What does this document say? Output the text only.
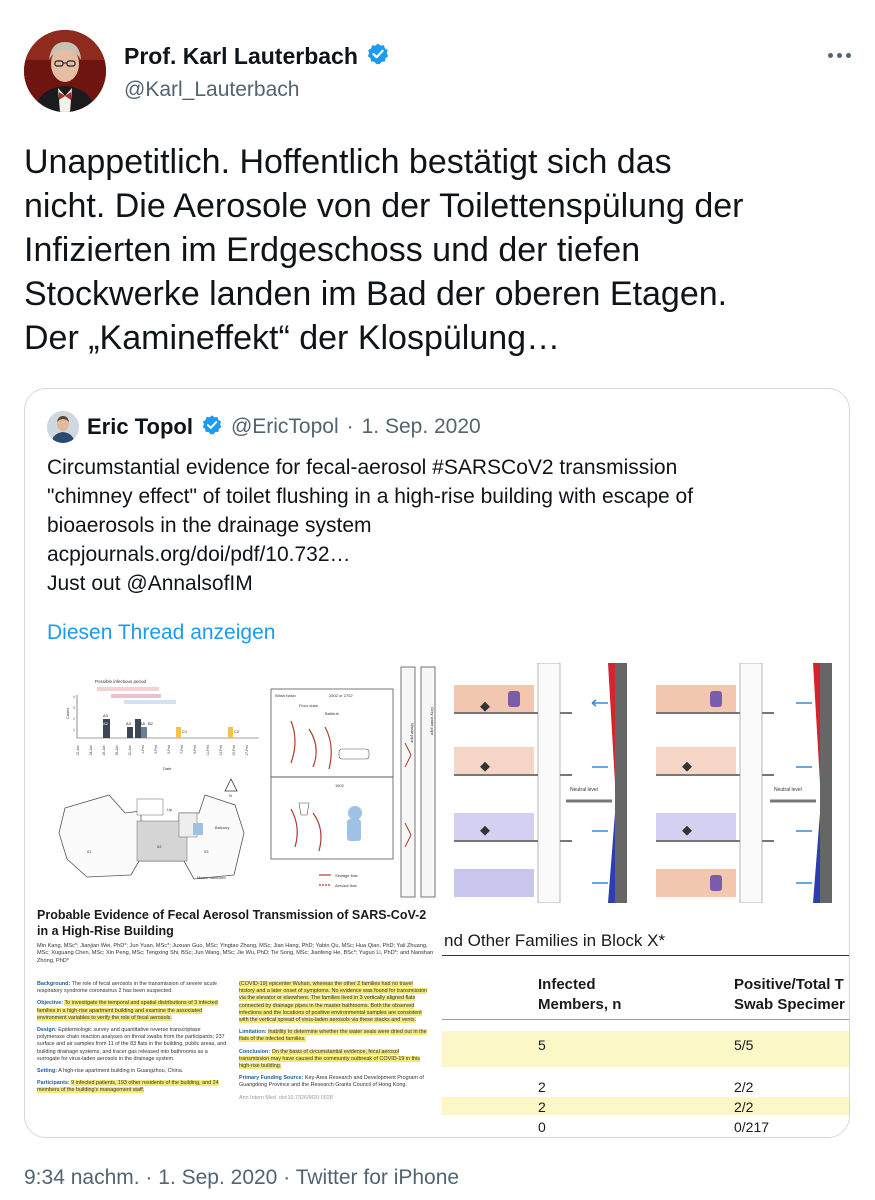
Prof. Karl Lauterbach
@Karl_Lauterbach
Unappetitlich. Hoffentlich bestätigt sich das
nicht. Die Aerosole von der Toilettenspülung der
Infizierten im Erdgeschoss und der tiefen
Stockwerke landen im Bad der oberen Etagen.
Der „Kamineffekt“ der Klospülung…
Eric Topol @EricTopol · 1. Sep. 2020
Circumstantial evidence for fecal-aerosol #SARSCoV2 transmission
"chimney effect" of toilet flushing in a high-rise building with escape of
bioaerosols in the drainage system
acpjournals.org/doi/pdf/10.732…
Just out @AnnalsofIM
Diesen Thread anzeigen
Possible infectious period
Cases
4
3
2
1
A3
A2	A3 A5 B2
C1	C2
22-Jan	24-Jan	26-Jan	28-Jan	30-Jan	1-Feb	3-Feb	5-Feb	7-Feb	9-Feb	11-Feb	13-Feb	15-Feb	17-Feb
Date
01
02
03
Up
Balcony
Master bathroom
N
Wash basin	2502 or 2702
Floor drain
Bathtub
1502
Waste pipe	Grey water pipe
Sewage flow
Aerosol flow
Probable Evidence of Fecal Aerosol Transmission of SARS-CoV-2 in a High-Rise Building
Min Kang, MSc*; Jianjian Wei, PhD*; Jun Yuan, MSc*; Juxuan Guo, MSc; Yingtao Zhang, MSc; Jian Hang, PhD; Yabin Qu, MSc; Hua Qian, PhD; Yali Zhuang, MSc; Xuguang Chen, MSc; Xin Peng, MSc; Tengxing Shi, BSc; Jun Wang, MSc; Jie Wu, PhD; Tie Song, MSc; Jianfeng He, BSc*; Yuguo Li, PhD*; and Nanshan Zhong, PhD*

Background: The role of fecal aerosols in the transmission of severe acute respiratory syndrome coronavirus 2 has been suspected.

Objective: To investigate the temporal and spatial distributions of 3 infected families in a high-rise apartment building and examine the associated environment variables to verify the role of fecal aerosols.

Design: Epidemiologic survey and quantitative reverse transcriptase polymerase chain reaction analyses on throat swabs from the participants; 237 surface and air samples from 11 of the 83 flats in the building, public areas, and building drainage systems; and tracer gas released into bathrooms as a surrogate for virus-laden aerosols in the drainage system.

Setting: A high-rise apartment building in Guangzhou, China.

Participants: 9 infected patients, 193 other residents of the building, and 24 members of the building's management staff.

(COVID-19) epicenter Wuhan, whereas the other 2 families had no travel history and a later onset of symptoms. No evidence was found for transmission via the elevator or elsewhere. The families lived in 3 vertically aligned flats connected by drainage pipes in the master bathrooms. Both the observed infections and the locations of positive environmental samples are consistent with the vertical spread of virus-laden aerosols via these stacks and vents.

Limitation: Inability to determine whether the water seals were dried out in the flats of the infected families.

Conclusion: On the basis of circumstantial evidence, fecal aerosol transmission may have caused the community outbreak of COVID-19 in this high-rise building.

Primary Funding Source: Key-Area Research and Development Program of Guangdong Province and the Research Grants Council of Hong Kong.

Ann Intern Med. doi:10.7326/M20-0928

Neutral level	Neutral level
nd Other Families in Block X*
Infected
Members, n
Positive/Total T
Swab Specimer
5	5/5
2	2/2
2	2/2
0	0/217
9:34 nachm. · 1. Sep. 2020 · Twitter for iPhone
